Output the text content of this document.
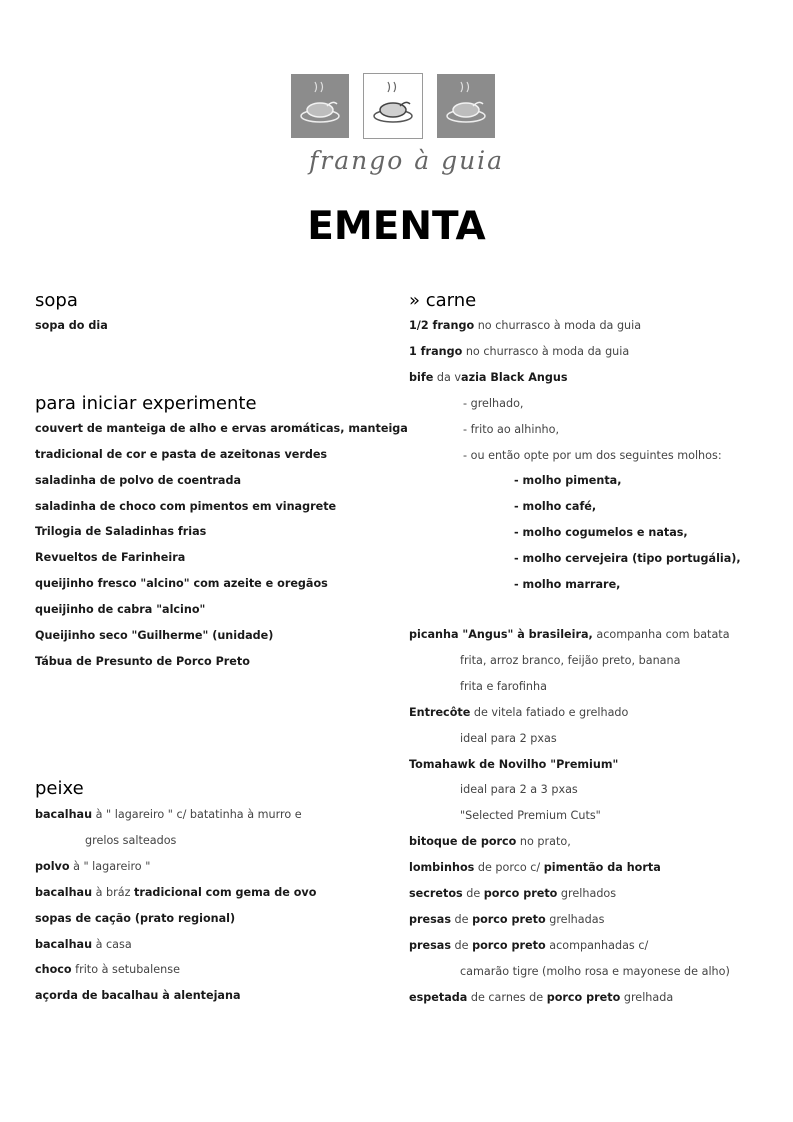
frango à guia
EMENTA
sopa
sopa do dia
para iniciar experimente
couvert de manteiga de alho e ervas aromáticas, manteiga
tradicional de cor e pasta de azeitonas verdes
saladinha de polvo de coentrada
saladinha de choco com pimentos em vinagrete
Trilogia de Saladinhas frias
Revueltos de Farinheira
queijinho fresco "alcino" com azeite e oregãos
queijinho de cabra "alcino"
Queijinho seco "Guilherme" (unidade)
Tábua de Presunto de Porco Preto
peixe
bacalhau à " lagareiro " c/ batatinha à murro e
grelos salteados
polvo à " lagareiro "
bacalhau à bráz tradicional com gema de ovo
sopas de cação (prato regional)
bacalhau à casa
choco frito à setubalense
açorda de bacalhau à alentejana
» carne
1/2 frango no churrasco à moda da guia
1 frango no churrasco à moda da guia
bife da vazia Black Angus
- grelhado,
- frito ao alhinho,
- ou então opte por um dos seguintes molhos:
- molho pimenta,
- molho café,
- molho cogumelos e natas,
- molho cervejeira (tipo portugália),
- molho marrare,
picanha "Angus" à brasileira, acompanha com batata
frita, arroz branco, feijão preto, banana
frita e farofinha
Entrecôte de vitela fatiado e grelhado
ideal para 2 pxas
Tomahawk de Novilho "Premium"
ideal para 2 a 3 pxas
"Selected Premium Cuts"
bitoque de porco no prato,
lombinhos de porco c/ pimentão da horta
secretos de porco preto grelhados
presas de porco preto grelhadas
presas de porco preto acompanhadas c/
camarão tigre (molho rosa e mayonese de alho)
espetada de carnes de porco preto grelhada
